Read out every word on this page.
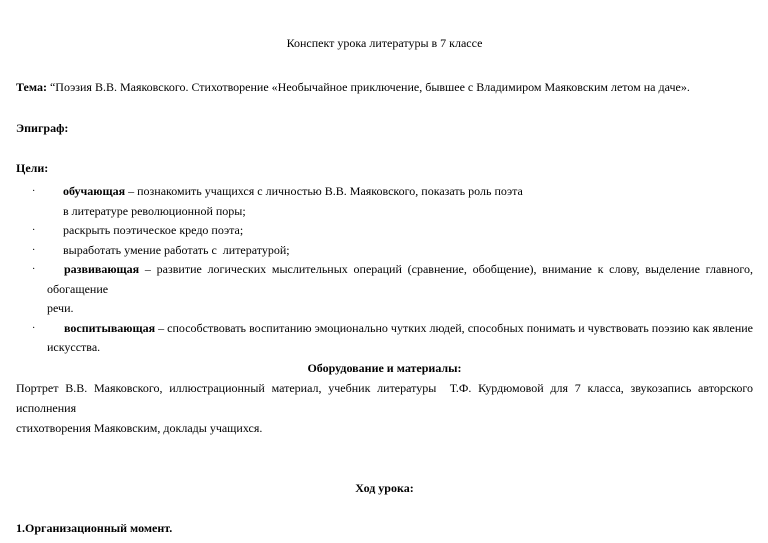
Конспект урока литературы в 7 классе

Тема: “Поэзия В.В. Маяковского. Стихотворение «Необычайное приключение, бывшее с Владимиром Маяковским летом на даче».

Эпиграф:

Цели:

· обучающая – познакомить учащихся с личностью В.В. Маяковского, показать роль поэта
в литературе революционной поры;
· раскрыть поэтическое кредо поэта;
· выработать умение работать с  литературой;
·	развивающая – развитие логических мыслительных операций (сравнение, обобщение), внимание к слову, выделение главного, обогащение
речи.
·	воспитывающая – способствовать воспитанию эмоционально чутких людей, способных понимать и чувствовать поэзию как явление
искусства.

Оборудование и материалы:

Портрет В.В. Маяковского, иллюстрационный материал, учебник литературы  Т.Ф. Курдюмовой для 7 класса, звукозапись авторского исполнения
стихотворения Маяковским, доклады учащихся.

Ход урока:

1.Организационный момент.
